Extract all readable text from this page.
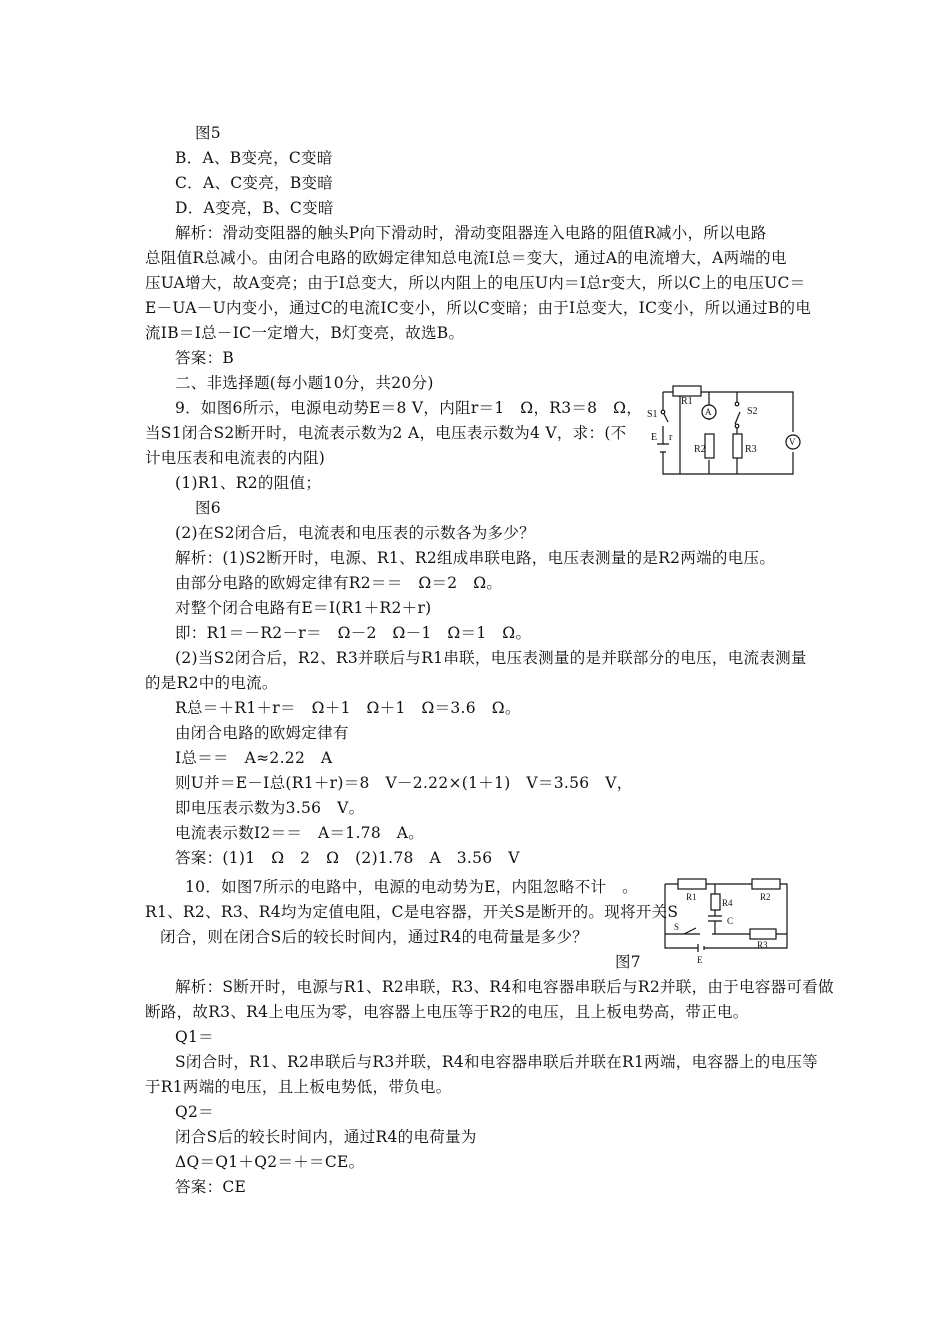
图5
B．A、B变亮，C变暗
C．A、C变亮，B变暗
D．A变亮，B、C变暗
解析：滑动变阻器的触头P向下滑动时，滑动变阻器连入电路的阻值R减小，所以电路
总阻值R总减小。由闭合电路的欧姆定律知总电流I总＝变大，通过A的电流增大，A两端的电
压UA增大，故A变亮；由于I总变大，所以内阻上的电压U内＝I总r变大，所以C上的电压UC＝
E－UA－U内变小，通过C的电流IC变小，所以C变暗；由于I总变大，IC变小，所以通过B的电
流IB＝I总－IC一定增大，B灯变亮，故选B。
答案：B
二、非选择题(每小题10分，共20分)
9．如图6所示，电源电动势E＝8 V，内阻r＝1　Ω，R3＝8　Ω，
当S1闭合S2断开时，电流表示数为2 A，电压表示数为4 V，求：(不
计电压表和电流表的内阻)
(1)R1、R2的阻值；
图6
(2)在S2闭合后，电流表和电压表的示数各为多少？
解析：(1)S2断开时，电源、R1、R2组成串联电路，电压表测量的是R2两端的电压。
由部分电路的欧姆定律有R2＝＝　Ω＝2　Ω。
对整个闭合电路有E＝I(R1＋R2＋r)
即：R1＝－R2－r＝　Ω－2　Ω－1　Ω＝1　Ω。
(2)当S2闭合后，R2、R3并联后与R1串联，电压表测量的是并联部分的电压，电流表测量
的是R2中的电流。
R总＝＋R1＋r＝　Ω＋1　Ω＋1　Ω＝3.6　Ω。
由闭合电路的欧姆定律有
I总＝＝　A≈2.22　A
则U并＝E－I总(R1＋r)＝8　V－2.22×(1＋1)　V＝3.56　V，
即电压表示数为3.56　V。
电流表示数I2＝＝　A＝1.78　A。
答案：(1)1　Ω　2　Ω　(2)1.78　A　3.56　V
10．如图7所示的电路中，电源的电动势为E，内阻忽略不计　。
R1、R2、R3、R4均为定值电阻，C是电容器，开关S是断开的。现将开关S
闭合，则在闭合S后的较长时间内，通过R4的电荷量是多少？
图7
解析：S断开时，电源与R1、R2串联，R3、R4和电容器串联后与R2并联，由于电容器可看做
断路，故R3、R4上电压为零，电容器上电压等于R2的电压，且上板电势高，带正电。
Q1＝
S闭合时，R1、R2串联后与R3并联，R4和电容器串联后并联在R1两端，电容器上的电压等
于R1两端的电压，且上板电势低，带负电。
Q2＝
闭合S后的较长时间内，通过R4的电荷量为
ΔQ＝Q1＋Q2＝＋＝CE。
答案：CE
R1
A
S1	S2
V
E r
R2	R3
R1	R2
R4
C
S
R3
E
